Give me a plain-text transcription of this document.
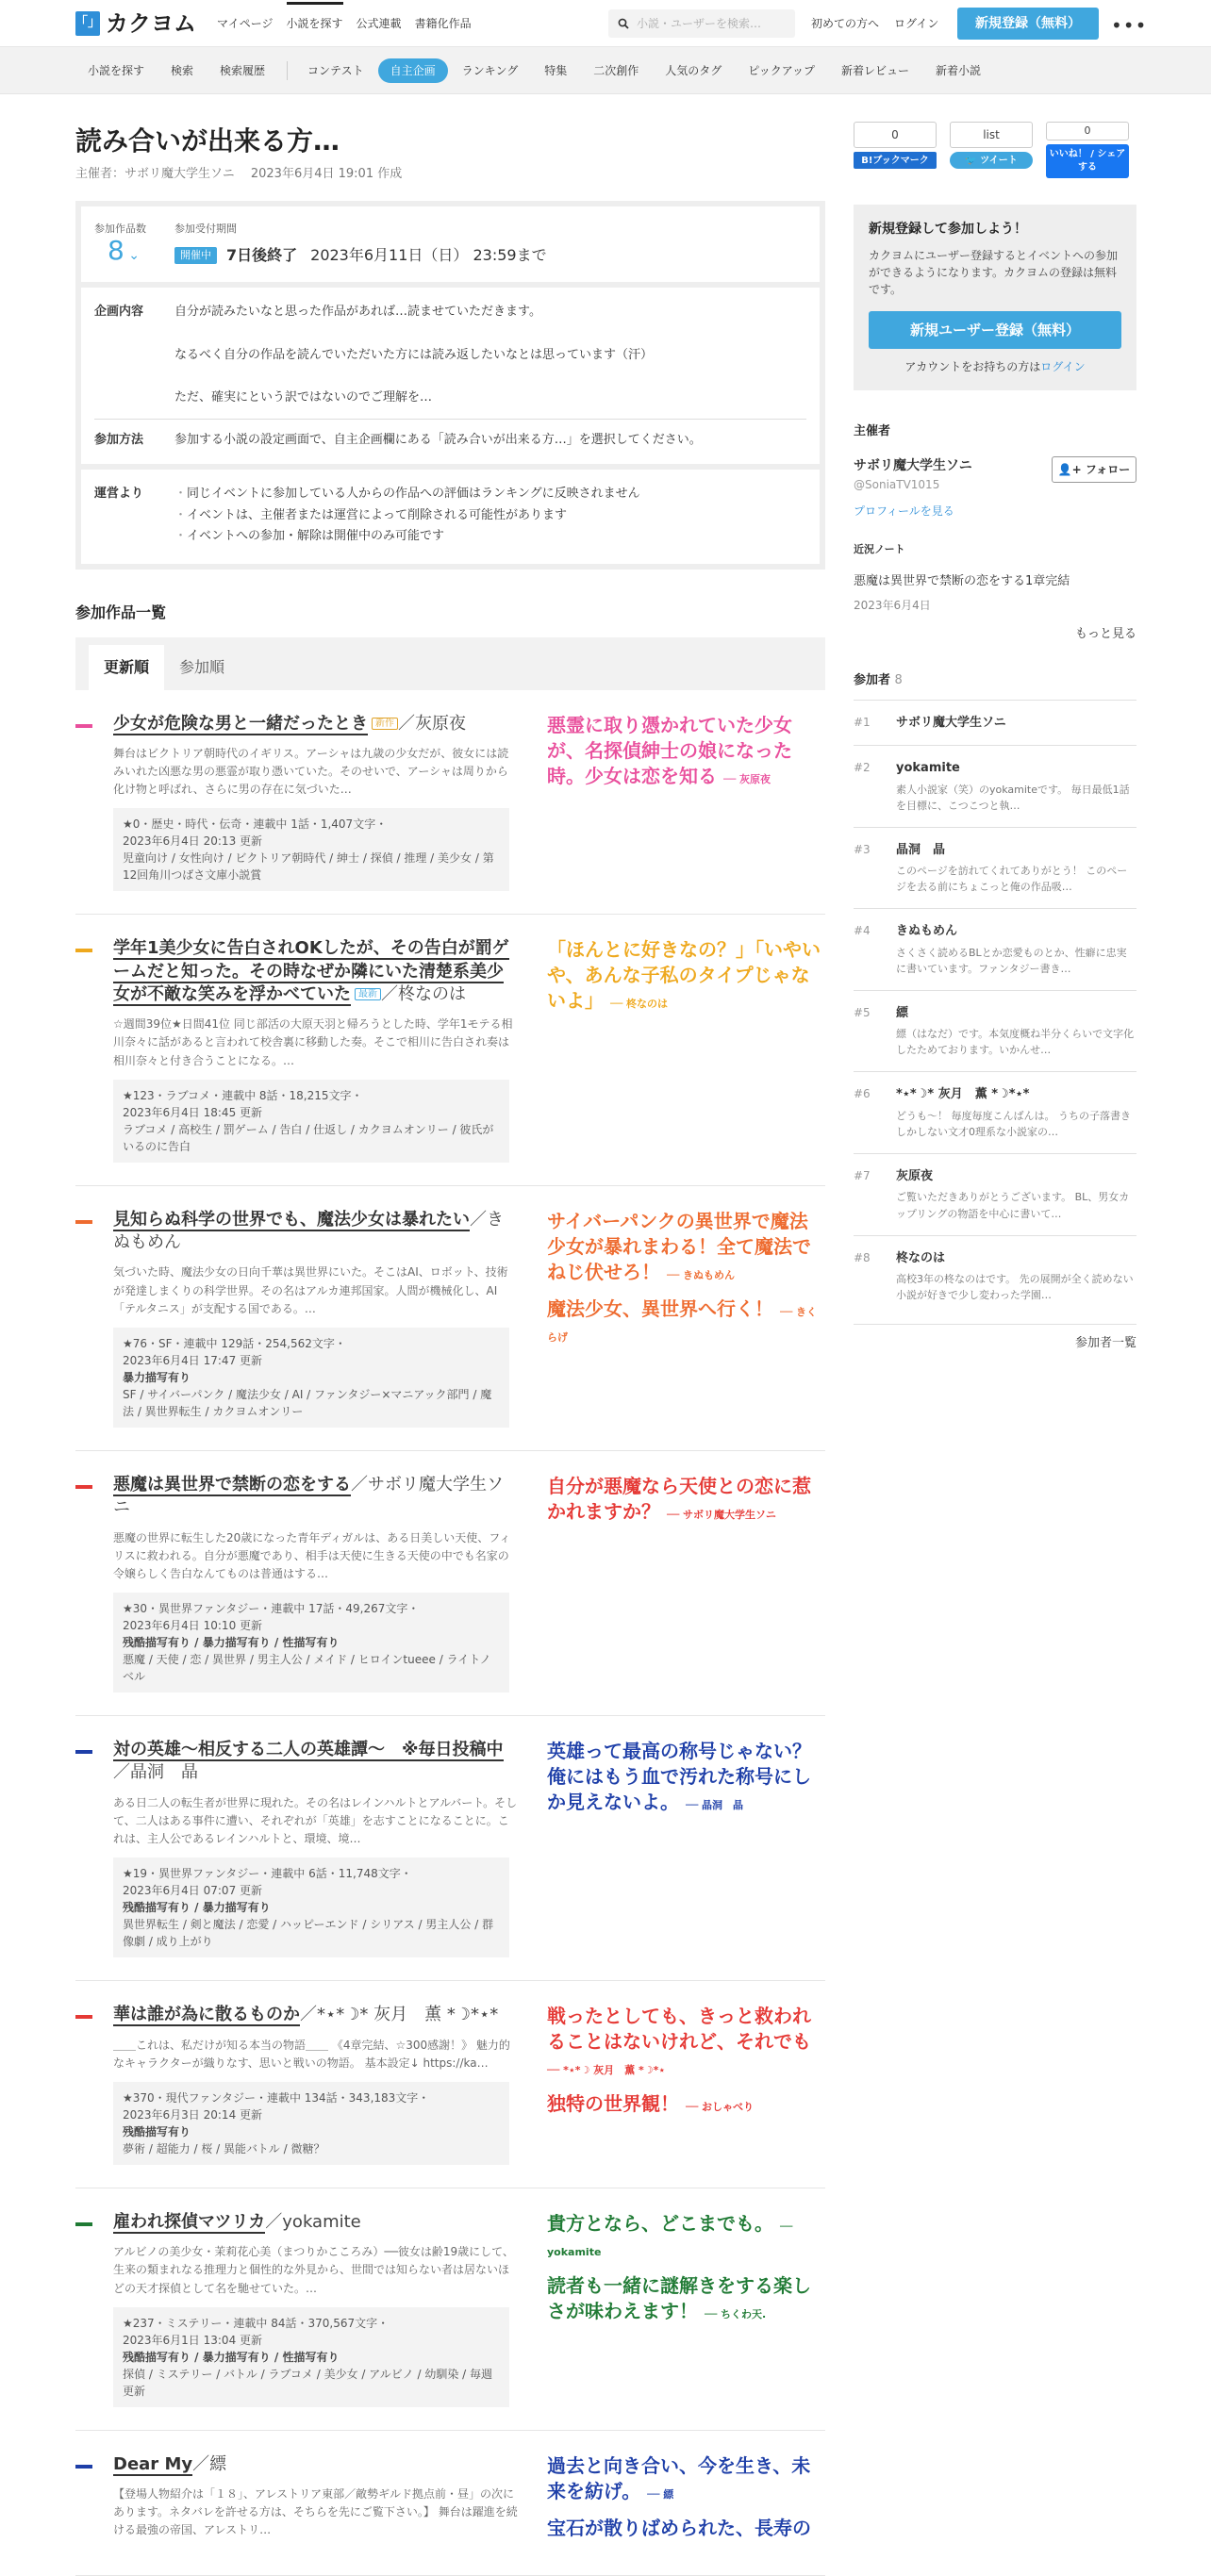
「」 カクヨム マイページ 小説を探す 公式連載 書籍化作品	小説・ユーザーを検索…	初めての方へ ログイン	新規登録（無料）	•••
小説を探す	検索	検索履歴	コンテスト	自主企画	ランキング	特集	二次創作	人気のタグ	ピックアップ	新着レビュー	新着小説
読み合いが出来る方…
主催者：サボリ魔大学生ソニ　 2023年6月4日 19:01 作成
参加作品数
8 ⌄
参加受付期間
開催中	7日後終了 2023年6月11日（日） 23:59まで
企画内容	自分が読みたいなと思った作品があれば…読ませていただきます。

なるべく自分の作品を読んでいただいた方には読み返したいなとは思っています（汗）

ただ、確実にという訳ではないのでご理解を…

参加方法	参加する小説の設定画面で、自主企画欄にある「読み合いが出来る方…」を選択してください。
運営より
・	同じイベントに参加している人からの作品への評価はランキングに反映されません
・ イベントは、主催者または運営によって削除される可能性があります
・ イベントへの参加・解除は開催中のみ可能です
参加作品一覧
更新順	参加順
少女が危険な男と一緒だったとき 新作 ／灰原夜
舞台はビクトリア朝時代のイギリス。アーシャは九歳の少女だが、彼女には読みいれた凶悪な男の悪霊が取り憑いていた。そのせいで、アーシャは周りから化け物と呼ばれ、さらに男の存在に気づいた…
★0・歴史・時代・伝奇・連載中 1話・1,407文字・
2023年6月4日 20:13 更新
児童向け / 女性向け / ビクトリア朝時代 / 紳士 / 探偵 / 推理 / 美少女 / 第12回角川つばさ文庫小説賞
悪霊に取り憑かれていた少女が、名探偵紳士の娘になった時。少女は恋を知る ── 灰原夜
学年1美少女に告白されOKしたが、その告白が罰ゲームだと知った。その時なぜか隣にいた清楚系美少女が不敵な笑みを浮かべていた 最新 ／柊なのは
☆週間39位★日間41位 同じ部活の大原天羽と帰ろうとした時、学年1モテる相川奈々に話があると言われて校舎裏に移動した奏。そこで相川に告白され奏は相川奈々と付き合うことになる。…
★123・ラブコメ・連載中 8話・18,215文字・
2023年6月4日 18:45 更新
ラブコメ / 高校生 / 罰ゲーム / 告白 / 仕返し / カクヨムオンリー / 彼氏がいるのに告白
「ほんとに好きなの？」「いやいや、あんな子私のタイプじゃないよ」 ── 柊なのは
見知らぬ科学の世界でも、魔法少女は暴れたい／きぬもめん
気づいた時、魔法少女の日向千華は異世界にいた。そこはAI、ロボット、技術が発達しまくりの科学世界。その名はアルカ連邦国家。人間が機械化し、AI「テルタニス」が支配する国である。…
★76・SF・連載中 129話・254,562文字・
2023年6月4日 17:47 更新
暴力描写有り
SF / サイバーパンク / 魔法少女 / AI / ファンタジー×マニアック部門 / 魔法 / 異世界転生 / カクヨムオンリー
サイバーパンクの異世界で魔法少女が暴れまわる！全て魔法でねじ伏せろ！ ── きぬもめん
魔法少女、異世界へ行く！ ── きくらげ
悪魔は異世界で禁断の恋をする／サボリ魔大学生ソニ
悪魔の世界に転生した20歳になった青年ディガルは、ある日美しい天使、フィリスに救われる。自分が悪魔であり、相手は天使に生きる天使の中でも名家の令嬢らしく告白なんてものは普通はする…
★30・異世界ファンタジー・連載中 17話・49,267文字・
2023年6月4日 10:10 更新
残酷描写有り / 暴力描写有り / 性描写有り
悪魔 / 天使 / 恋 / 異世界 / 男主人公 / メイド / ヒロインtueee / ライトノベル
自分が悪魔なら天使との恋に惹かれますか？ ── サボリ魔大学生ソニ
対の英雄〜相反する二人の英雄譚〜　※毎日投稿中／晶洞　晶
ある日二人の転生者が世界に現れた。その名はレインハルトとアルバート。そして、二人はある事件に遭い、それぞれが「英雄」を志すことになることに。これは、主人公であるレインハルトと、環境、境…
★19・異世界ファンタジー・連載中 6話・11,748文字・
2023年6月4日 07:07 更新
残酷描写有り / 暴力描写有り
異世界転生 / 剣と魔法 / 恋愛 / ハッピーエンド / シリアス / 男主人公 / 群像劇 / 成り上がり
英雄って最高の称号じゃない？俺にはもう血で汚れた称号にしか見えないよ。 ── 晶洞　晶
華は誰が為に散るものか／*⋆*☽* 灰月　薫 *☽*⋆*
＿＿これは、私だけが知る本当の物語＿＿ 《4章完結、☆300感謝！》 魅力的なキャラクターが織りなす、思いと戦いの物語。 基本設定↓ https://ka…
★370・現代ファンタジー・連載中 134話・343,183文字・
2023年6月3日 20:14 更新
残酷描写有り
夢術 / 超能力 / 桜 / 異能バトル / 微糖？
戦ったとしても、きっと救われることはないけれど、それでも ── *⋆*☽ 灰月　薫 *☽*⋆
独特の世界観！ ── おしゃべり
雇われ探偵マツリカ／yokamite
アルビノの美少女・茉莉花心美（まつりかこころみ）──彼女は齢19歳にして、生来の類まれなる推理力と個性的な外見から、世間では知らない者は居ないほどの天才探偵として名を馳せていた。…
★237・ミステリー・連載中 84話・370,567文字・
2023年6月1日 13:04 更新
残酷描写有り / 暴力描写有り / 性描写有り
探偵 / ミステリー / バトル / ラブコメ / 美少女 / アルビノ / 幼馴染 / 毎週更新
貴方となら、どこまでも。 ── yokamite
読者も一緒に謎解きをする楽しさが味わえます！ ── ちくわ天.
Dear My／縹
【登場人物紹介は「１８」、アレストリア東部／敵勢ギルド拠点前・昼」の次にあります。ネタバレを許せる方は、そちらを先にご覧下さい。】 舞台は躍進を続ける最強の帝国、アレストリ…
過去と向き合い、今を生き、未来を紡げ。 ── 縹
宝石が散りばめられた、長寿の
0
B!ブックマーク
list
🐦
ツイート
0
いいね！ / シェアする
新規登録して参加しよう！

カクヨムにユーザー登録するとイベントへの参加ができるようになります。カクヨムの登録は無料です。

新規ユーザー登録（無料）
アカウントをお持ちの方はログイン
主催者
サボリ魔大学生ソニ
@SoniaTV1015
👤+
フォロー
プロフィールを見る
近況ノート
悪魔は異世界で禁断の恋をする1章完結
2023年6月4日
もっと見る
参加者 8
#1	サボリ魔大学生ソニ
#2	yokamite
素人小説家（笑）のyokamiteです。 毎日最低1話を目標に、こつこつと執…
#3	晶洞　晶
このページを訪れてくれてありがとう！ このページを去る前にちょこっと俺の作品吸…
#4	きぬもめん
さくさく読めるBLとか恋愛ものとか、性癖に忠実に書いています。ファンタジー書き…
#5	縹
縹（はなだ）です。本気度概ね半分くらいで文字化したためております。いかんせ…
#6	*⋆*☽* 灰月　薫 *☽*⋆*
どうも〜！ 毎度毎度こんばんは。 うちの子落書きしかしない文才0理系な小説家の…
#7	灰原夜
ご覧いただきありがとうございます。 BL、男女カップリングの物語を中心に書いて…
#8	柊なのは
高校3年の柊なのはです。 先の展開が全く読めない小説が好きで少し変わった学園…
参加者一覧
